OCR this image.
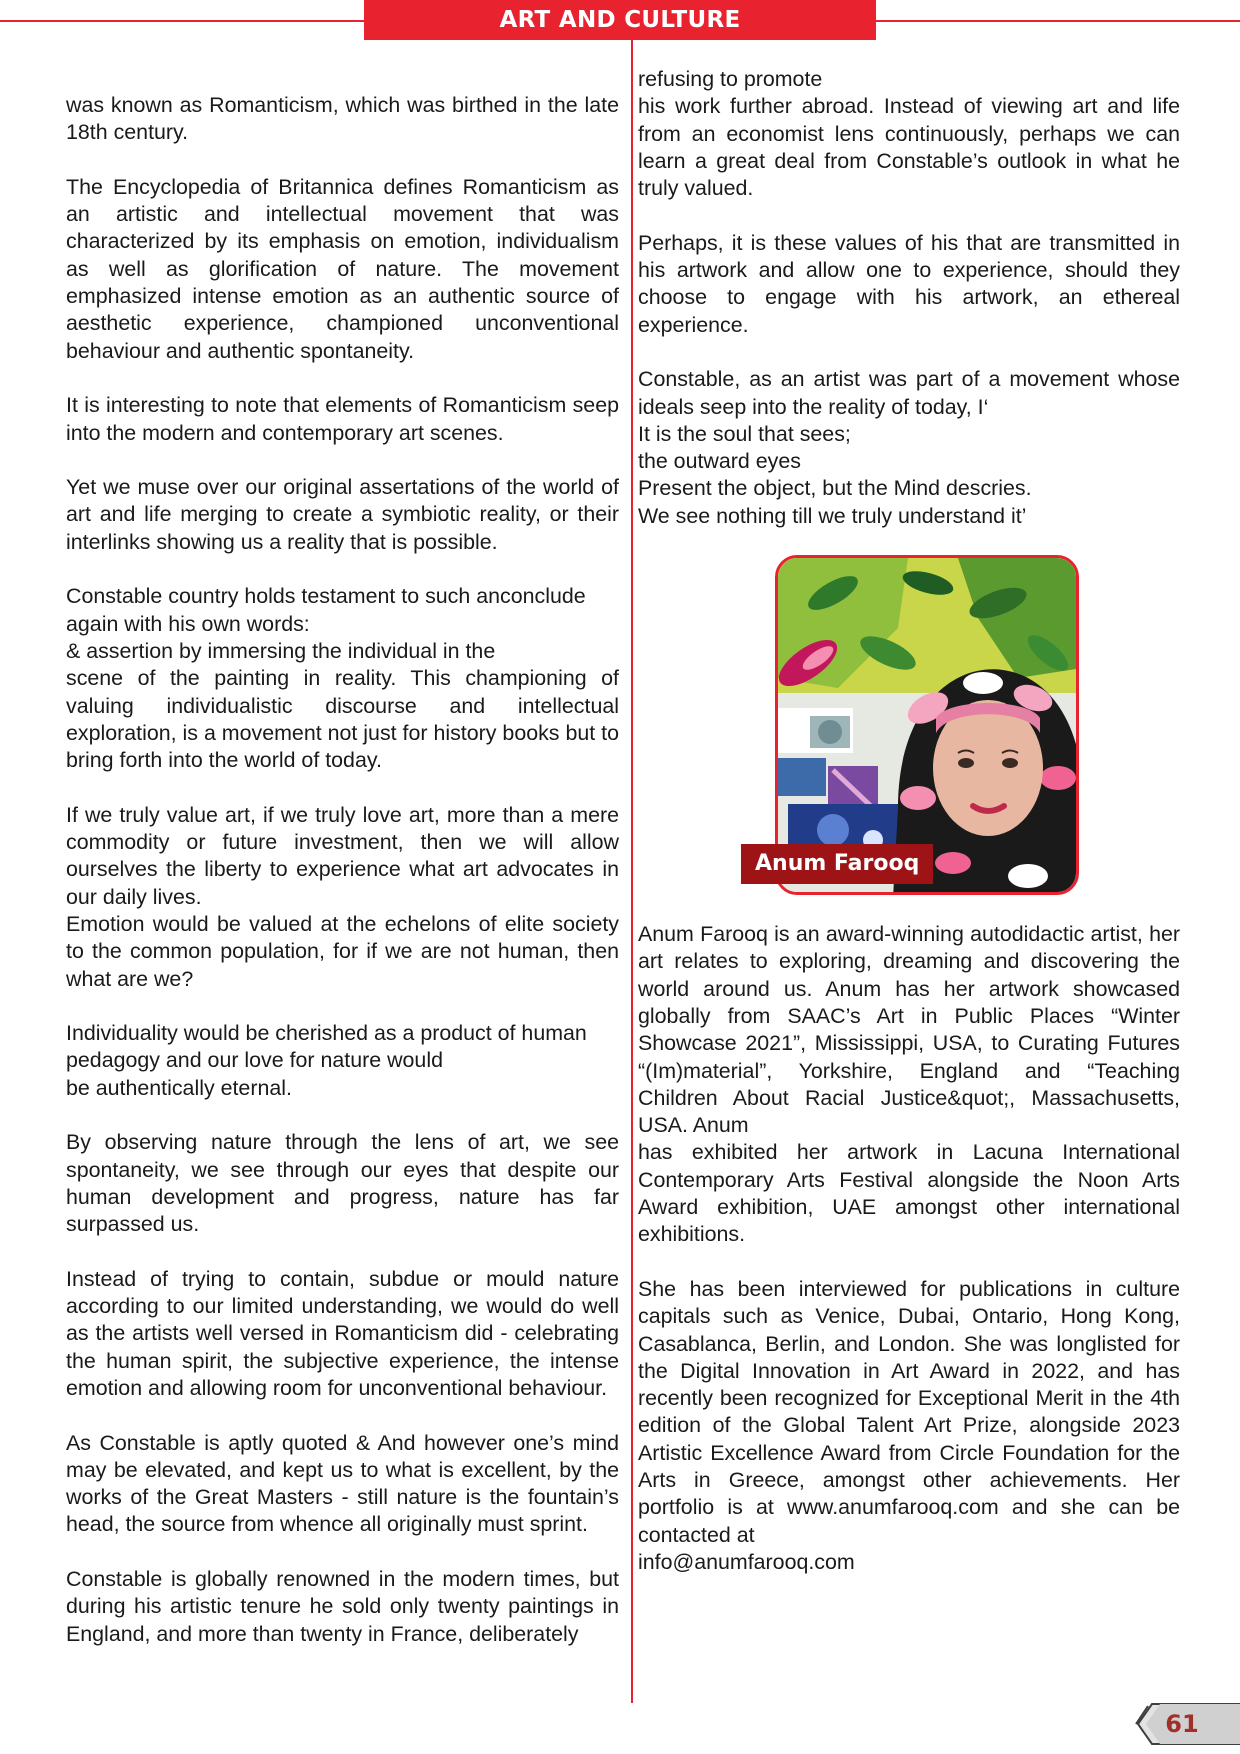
ART AND CULTURE

was known as Romanticism, which was birthed in the late 18th century.

The Encyclopedia of Britannica defines Romanticism as an artistic and intellectual movement that was characterized by its emphasis on emotion, individualism as well as glorification of nature. The movement emphasized intense emotion as an authentic source of aesthetic experience, championed unconventional behaviour and authentic spontaneity.

It is interesting to note that elements of Romanticism seep into the modern and contemporary art scenes.

Yet we muse over our original assertations of the world of art and life merging to create a symbiotic reality, or their interlinks showing us a reality that is possible.

Constable country holds testament to such anconclude again with his own words:

& assertion by immersing the individual in the

scene of the painting in reality. This championing of valuing individualistic discourse and intellectual exploration, is a movement not just for history books but to bring forth into the world of today.

If we truly value art, if we truly love art, more than a mere commodity or future investment, then we will allow ourselves the liberty to experience what art advocates in our daily lives.

Emotion would be valued at the echelons of elite society to the common population, for if we are not human, then what are we?

Individuality would be cherished as a product of human pedagogy and our love for nature would

be authentically eternal.

By observing nature through the lens of art, we see spontaneity, we see through our eyes that despite our human development and progress, nature has far surpassed us.

Instead of trying to contain, subdue or mould nature according to our limited understanding, we would do well as the artists well versed in Romanticism did - celebrating the human spirit, the subjective experience, the intense emotion and allowing room for unconventional behaviour.

As Constable is aptly quoted & And however one’s mind may be elevated, and kept us to what is excellent, by the works of the Great Masters - still nature is the fountain’s head, the source from whence all originally must sprint.

Constable is globally renowned in the modern times, but during his artistic tenure he sold only twenty paintings in England, and more than twenty in France, deliberately

refusing to promote

his work further abroad. Instead of viewing art and life from an economist lens continuously, perhaps we can learn a great deal from Constable’s outlook in what he truly valued.

Perhaps, it is these values of his that are transmitted in his artwork and allow one to experience, should they choose to engage with his artwork, an ethereal experience.

Constable, as an artist was part of a movement whose ideals seep into the reality of today, I‘

It is the soul that sees;
the outward eyes
Present the object, but the Mind descries.
We see nothing till we truly understand it’

Anum Farooq

Anum Farooq is an award-winning autodidactic artist, her art relates to exploring, dreaming and discovering the world around us. Anum has her artwork showcased globally from SAAC’s Art in Public Places “Winter Showcase 2021”, Mississippi, USA, to Curating Futures “(Im)material”, Yorkshire, England and “Teaching Children About Racial Justice&quot;, Massachusetts, USA. Anum

has exhibited her artwork in Lacuna International Contemporary Arts Festival alongside the Noon Arts Award exhibition, UAE amongst other international exhibitions.

She has been interviewed for publications in culture capitals such as Venice, Dubai, Ontario, Hong Kong, Casablanca, Berlin, and London. She was longlisted for the Digital Innovation in Art Award in 2022, and has recently been recognized for Exceptional Merit in the 4th edition of the Global Talent Art Prize, alongside 2023 Artistic Excellence Award from Circle Foundation for the Arts in Greece, amongst other achievements. Her portfolio is at www.anumfarooq.com and she can be contacted at

info@anumfarooq.com

61
